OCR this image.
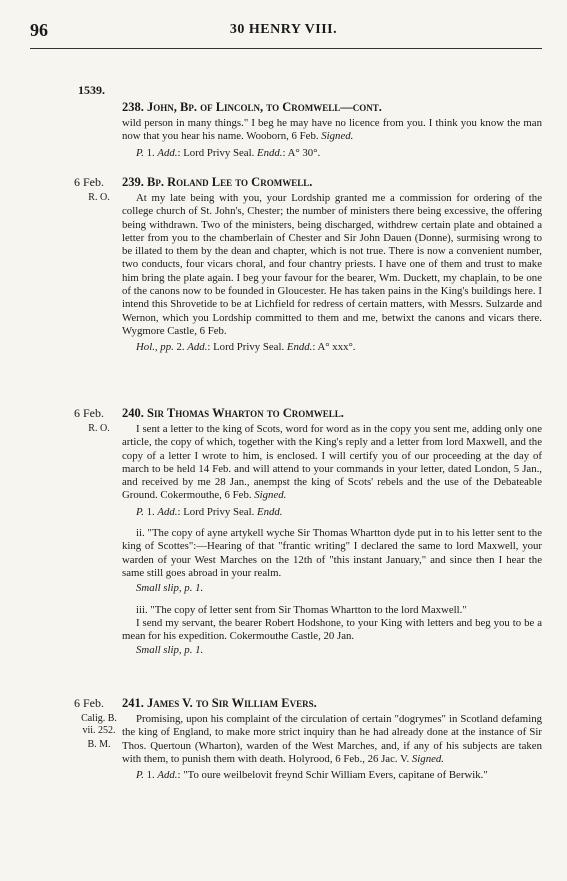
96	30 HENRY VIII.
1539.
238. John, Bp. of Lincoln, to Cromwell—cont.

wild person in many things." I beg he may have no licence from you. I think you know the man now that you hear his name. Wooborn, 6 Feb. Signed.

P. 1. Add.: Lord Privy Seal. Endd.: A° 30°.

6 Feb.
R. O.
239. Bp. Roland Lee to Cromwell.

At my late being with you, your Lordship granted me a commission for ordering of the college church of St. John's, Chester; the number of ministers there being excessive, the offering being withdrawn. Two of the ministers, being discharged, withdrew certain plate and obtained a letter from you to the chamberlain of Chester and Sir John Dauen (Donne), surmising wrong to be illated to them by the dean and chapter, which is not true. There is now a convenient number, two conducts, four vicars choral, and four chantry priests. I have one of them and trust to make him bring the plate again. I beg your favour for the bearer, Wm. Duckett, my chaplain, to be one of the canons now to be founded in Gloucester. He has taken pains in the King's buildings here. I intend this Shrovetide to be at Lichfield for redress of certain matters, with Messrs. Sulzarde and Wernon, which you Lordship committed to them and me, betwixt the canons and vicars there. Wygmore Castle, 6 Feb.

Hol., pp. 2. Add.: Lord Privy Seal. Endd.: A° xxx°.

6 Feb.
R. O.
240. Sir Thomas Wharton to Cromwell.

I sent a letter to the king of Scots, word for word as in the copy you sent me, adding only one article, the copy of which, together with the King's reply and a letter from lord Maxwell, and the copy of a letter I wrote to him, is enclosed. I will certify you of our proceeding at the day of march to be held 14 Feb. and will attend to your commands in your letter, dated London, 5 Jan., and received by me 28 Jan., anempst the king of Scots' rebels and the use of the Debateable Ground. Cokermouthe, 6 Feb. Signed.

P. 1. Add.: Lord Privy Seal. Endd.

ii. "The copy of ayne artykell wyche Sir Thomas Whartton dyde put in to his letter sent to the king of Scottes":—Hearing of that "frantic writing" I declared the same to lord Maxwell, your warden of your West Marches on the 12th of "this instant January," and since then I hear the same still goes abroad in your realm.

Small slip, p. 1.

iii. "The copy of letter sent from Sir Thomas Whartton to the lord Maxwell."

I send my servant, the bearer Robert Hodshone, to your King with letters and beg you to be a mean for his expedition. Cokermouthe Castle, 20 Jan.

Small slip, p. 1.

6 Feb.
Calig. B. vii. 252.
B. M.
241. James V. to Sir William Evers.

Promising, upon his complaint of the circulation of certain "dogrymes" in Scotland defaming the king of England, to make more strict inquiry than he had already done at the instance of Sir Thos. Quertoun (Wharton), warden of the West Marches, and, if any of his subjects are taken with them, to punish them with death. Holyrood, 6 Feb., 26 Jac. V. Signed.

P. 1. Add.: "To oure weilbelovit freynd Schir William Evers, capitane of Berwik."
